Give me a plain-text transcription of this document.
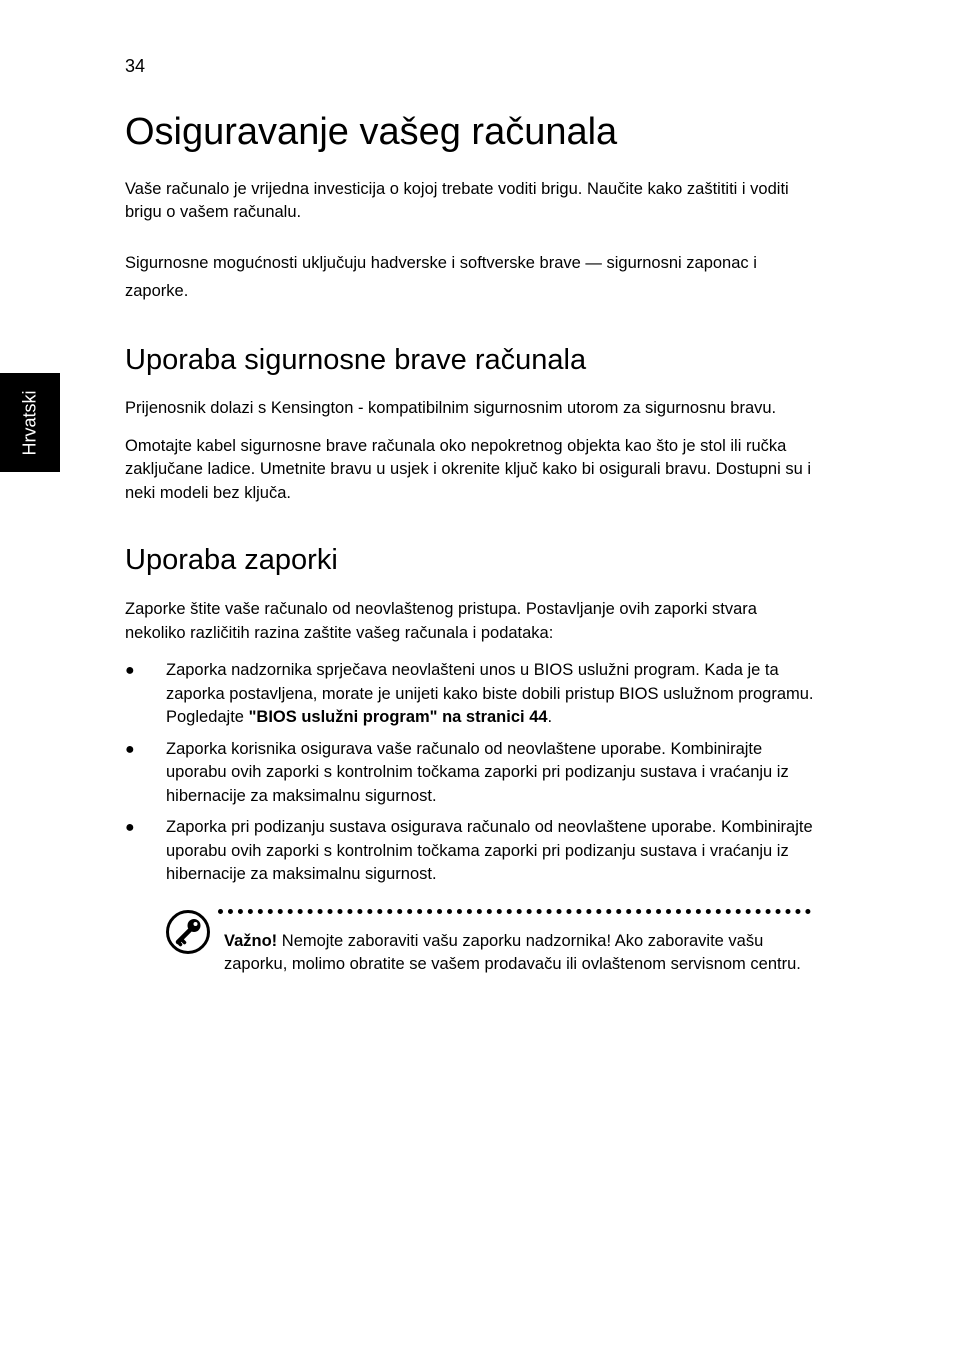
34
Hrvatski
Osiguravanje vašeg računala

Vaše računalo je vrijedna investicija o kojoj trebate voditi brigu. Naučite kako zaštititi i voditi brigu o vašem računalu.

Sigurnosne mogućnosti uključuju hadverske i softverske brave — sigurnosni zaponac i zaporke.

Uporaba sigurnosne brave računala

Prijenosnik dolazi s Kensington - kompatibilnim sigurnosnim utorom za sigurnosnu bravu.

Omotajte kabel sigurnosne brave računala oko nepokretnog objekta kao što je stol ili ručka zaključane ladice. Umetnite bravu u usjek i okrenite ključ kako bi osigurali bravu. Dostupni su i neki modeli bez ključa.

Uporaba zaporki

Zaporke štite vaše računalo od neovlaštenog pristupa. Postavljanje ovih zaporki stvara nekoliko različitih razina zaštite vašeg računala i podataka:

● Zaporka nadzornika sprječava neovlašteni unos u BIOS uslužni program. Kada je ta zaporka postavljena, morate je unijeti kako biste dobili pristup BIOS uslužnom programu. Pogledajte "BIOS uslužni program" na stranici 44.
● Zaporka korisnika osigurava vaše računalo od neovlaštene uporabe. Kombinirajte uporabu ovih zaporki s kontrolnim točkama zaporki pri podizanju sustava i vraćanju iz hibernacije za maksimalnu sigurnost.
● Zaporka pri podizanju sustava osigurava računalo od neovlaštene uporabe. Kombinirajte uporabu ovih zaporki s kontrolnim točkama zaporki pri podizanju sustava i vraćanju iz hibernacije za maksimalnu sigurnost.
Važno! Nemojte zaboraviti vašu zaporku nadzornika! Ako zaboravite vašu zaporku, molimo obratite se vašem prodavaču ili ovlaštenom servisnom centru.
